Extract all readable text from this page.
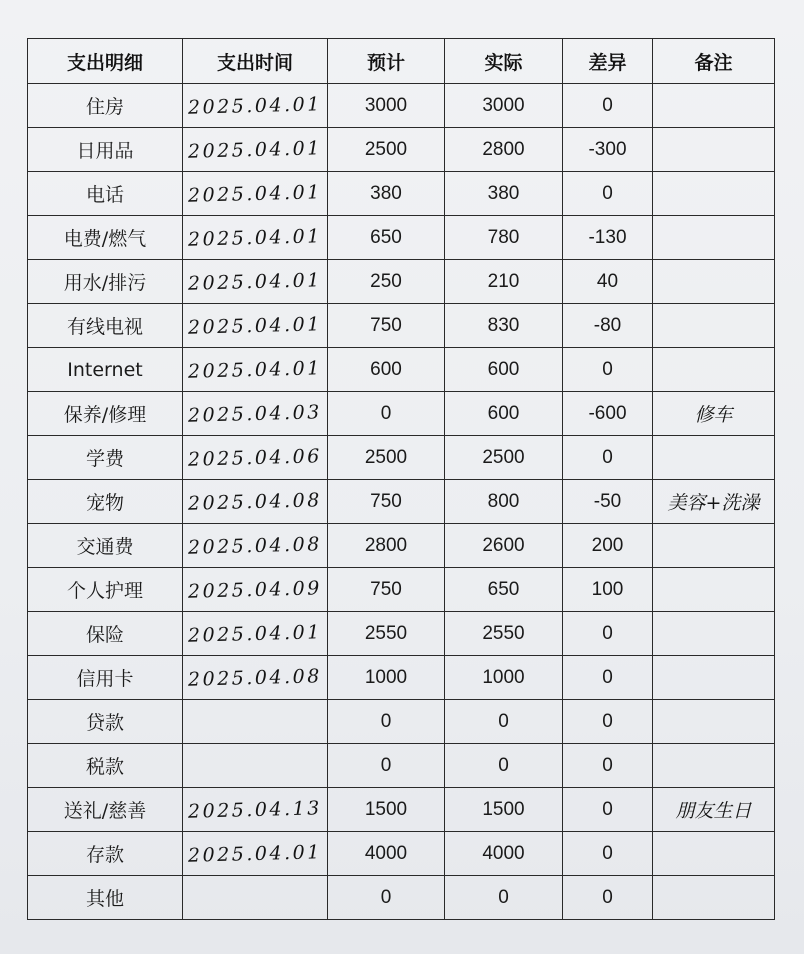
支出明细	支出时间	预计	实际	差异	备注
住房	2025.04.01	3000	3000	0	
日用品	2025.04.01	2500	2800	-300	
电话	2025.04.01	380	380	0	
电费/燃气	2025.04.01	650	780	-130	
用水/排污	2025.04.01	250	210	40	
有线电视	2025.04.01	750	830	-80	
Internet	2025.04.01	600	600	0	
保养/修理	2025.04.03	0	600	-600	修车
学费	2025.04.06	2500	2500	0	
宠物	2025.04.08	750	800	-50	美容+洗澡
交通费	2025.04.08	2800	2600	200	
个人护理	2025.04.09	750	650	100	
保险	2025.04.01	2550	2550	0	
信用卡	2025.04.08	1000	1000	0	
贷款		0	0	0	
税款		0	0	0	
送礼/慈善	2025.04.13	1500	1500	0	朋友生日
存款	2025.04.01	4000	4000	0	
其他		0	0	0	
